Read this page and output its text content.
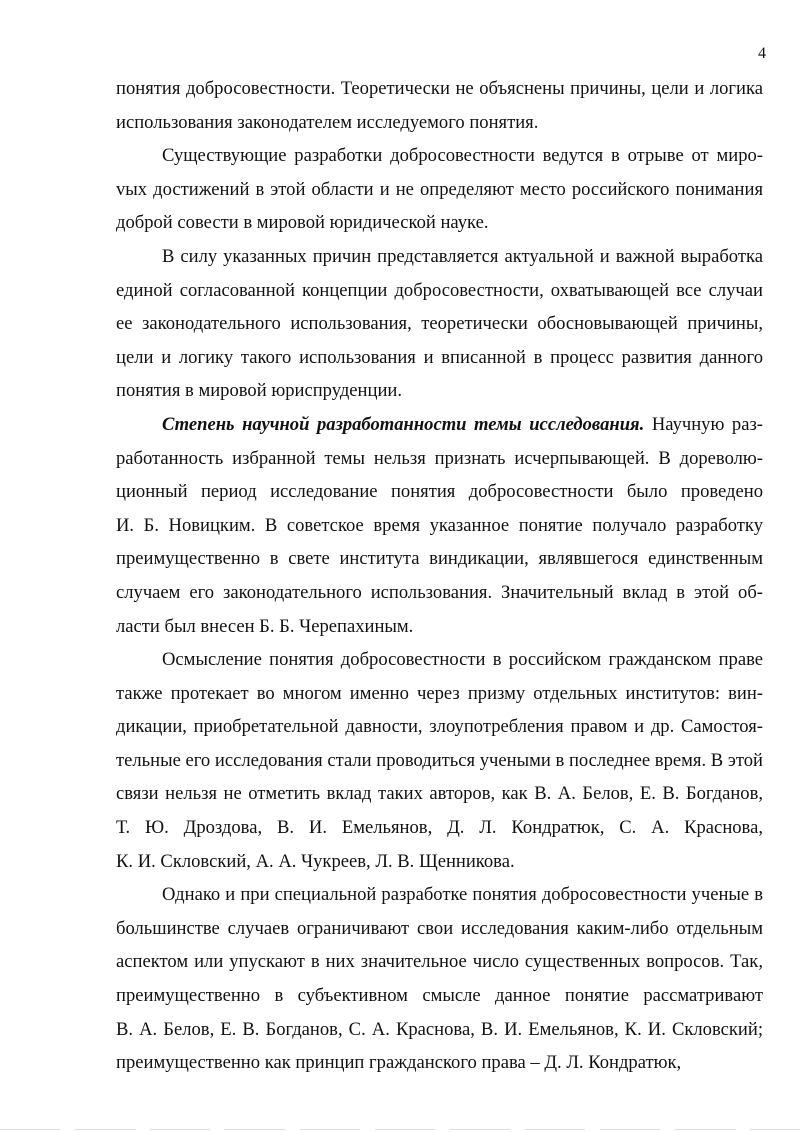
4

понятия добросовестности. Теоретически не объяснены причины, цели и логика использования законодателем исследуемого понятия.

Существующие разработки добросовестности ведутся в отрыве от мироvых достижений в этой области и не определяют место российского понимания доброй совести в мировой юридической науке.

В силу указанных причин представляется актуальной и важной выработка единой согласованной концепции добросовестности, охватывающей все случаи ее законодательного использования, теоретически обосновывающей причины, цели и логику такого использования и вписанной в процесс развития данного понятия в мировой юриспруденции.

Степень научной разработанности темы исследования. Научную разработанность избранной темы нельзя признать исчерпывающей. В дореволюционный период исследование понятия добросовестности было проведено И. Б. Новицким. В советское время указанное понятие получало разработку преимущественно в свете института виндикации, являвшегося единственным случаем его законодательного использования. Значительный вклад в этой области был внесен Б. Б. Черепахиным.

Осмысление понятия добросовестности в российском гражданском праве также протекает во многом именно через призму отдельных институтов: виндикации, приобретательной давности, злоупотребления правом и др. Самостоятельные его исследования стали проводиться учеными в последнее время. В этой связи нельзя не отметить вклад таких авторов, как В. А. Белов, Е. В. Богданов, Т. Ю. Дроздова, В. И. Емельянов, Д. Л. Кондратюк, С. А. Краснова, К. И. Скловский, А. А. Чукреев, Л. В. Щенникова.

Однако и при специальной разработке понятия добросовестности ученые в большинстве случаев ограничивают свои исследования каким-либо отдельным аспектом или упускают в них значительное число существенных вопросов. Так, преимущественно в субъективном смысле данное понятие рассматривают В. А. Белов, Е. В. Богданов, С. А. Краснова, В. И. Емельянов, К. И. Скловский; преимущественно как принцип гражданского права – Д. Л. Кондратюк,
